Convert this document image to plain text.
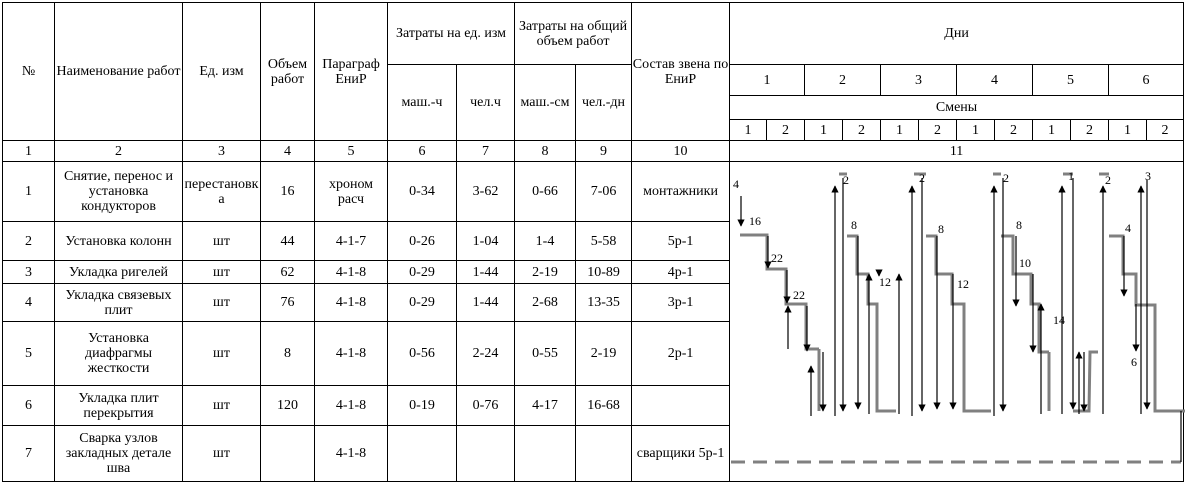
№	Наименование работ	Ед. изм	Объем работ	Параграф ЕниР	Затраты на ед. изм		Затраты на общий объем работ		Состав звена по ЕниР	Дни											
					маш.-ч	чел.ч	маш.-см	чел.-дн		1		2		3		4		5		6	
										Смены											
										1	2	1	2	1	2	1	2	1	2	1	2
1	2	3	4	5	6	7	8	9	10	11											
1	Снятие, перенос и установка кондукторов	перестановка	16	хроном расч	0-34	3-62	0-66	7-06	монтажники												
2	Установка колонн	шт	44	4-1-7	0-26	1-04	1-4	5-58	5р-1												
3	Укладка ригелей	шт	62	4-1-8	0-29	1-44	2-19	10-89	4р-1												
4	Укладка связевых плит	шт	76	4-1-8	0-29	1-44	2-68	13-35	3р-1												
5	Установка диафрагмы жесткости	шт	8	4-1-8	0-56	2-24	0-55	2-19	2р-1												
6	Укладка плит перекрытия	шт	120	4-1-8	0-19	0-76	4-17	16-68													
7	Сварка узлов закладных детале шва	шт		4-1-8					сварщики 5р-1												
4
16
22
22
2
8
12
2
8
12
2
8
10
14
1	2
4
6
3
